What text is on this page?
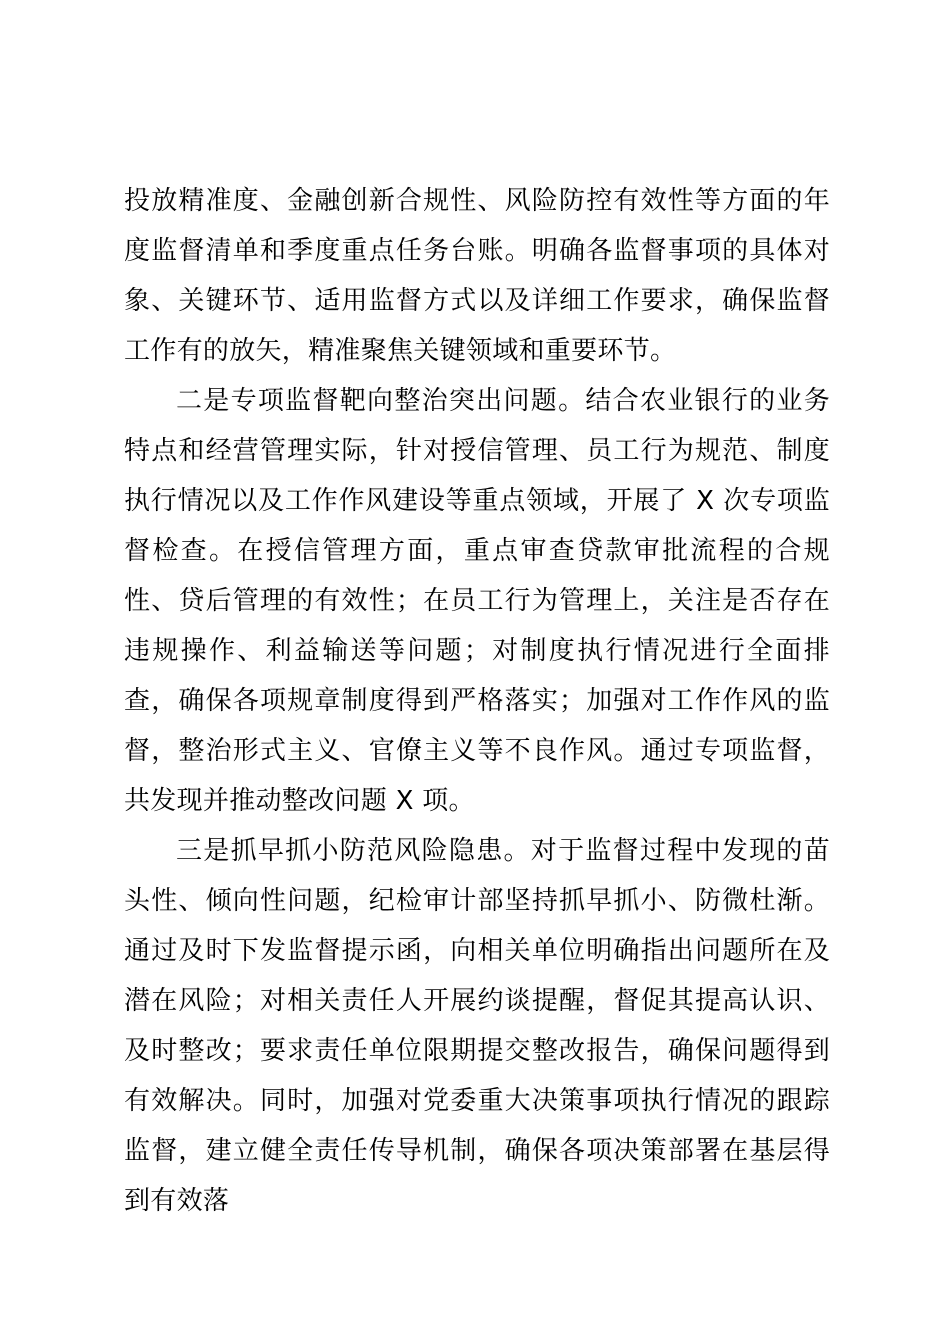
投放精准度、金融创新合规性、风险防控有效性等方面的年度监督清单和季度重点任务台账。明确各监督事项的具体对象、关键环节、适用监督方式以及详细工作要求，确保监督工作有的放矢，精准聚焦关键领域和重要环节。

二是专项监督靶向整治突出问题。结合农业银行的业务特点和经营管理实际，针对授信管理、员工行为规范、制度执行情况以及工作作风建设等重点领域，开展了 X 次专项监督检查。在授信管理方面，重点审查贷款审批流程的合规性、贷后管理的有效性；在员工行为管理上，关注是否存在违规操作、利益输送等问题；对制度执行情况进行全面排查，确保各项规章制度得到严格落实；加强对工作作风的监督，整治形式主义、官僚主义等不良作风。通过专项监督，共发现并推动整改问题 X 项。

三是抓早抓小防范风险隐患。对于监督过程中发现的苗头性、倾向性问题，纪检审计部坚持抓早抓小、防微杜渐。通过及时下发监督提示函，向相关单位明确指出问题所在及潜在风险；对相关责任人开展约谈提醒，督促其提高认识、及时整改；要求责任单位限期提交整改报告，确保问题得到有效解决。同时，加强对党委重大决策事项执行情况的跟踪监督，建立健全责任传导机制，确保各项决策部署在基层得到有效落
